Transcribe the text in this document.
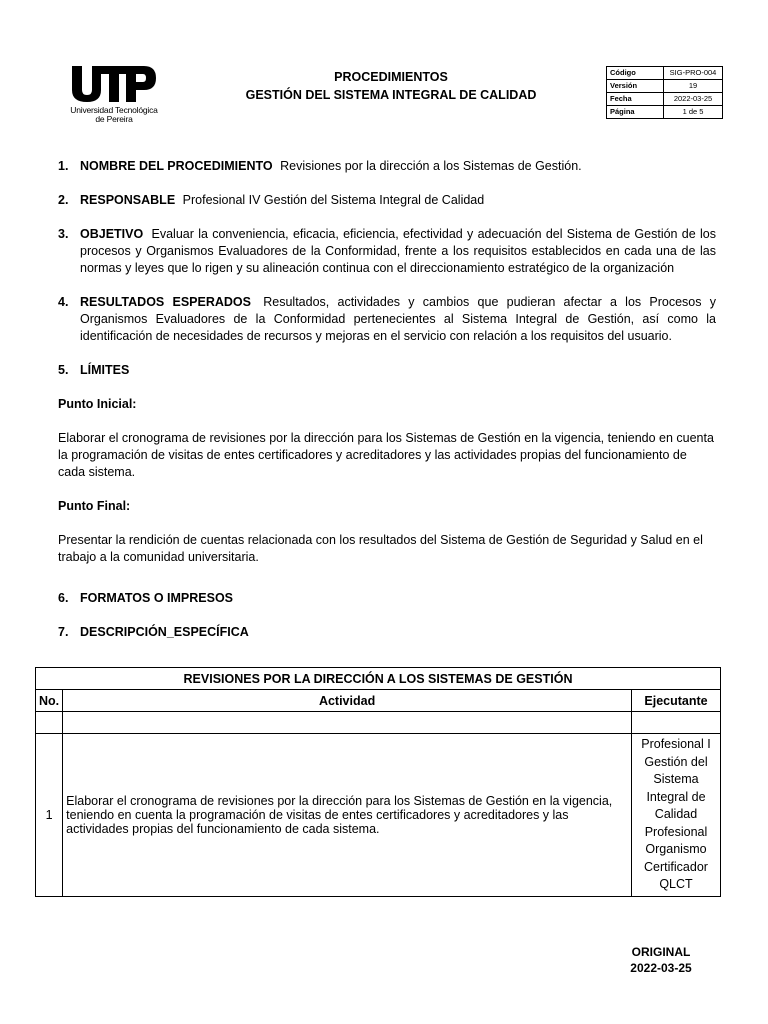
Universidad Tecnológica
de Pereira
PROCEDIMIENTOS
GESTIÓN DEL SISTEMA INTEGRAL DE CALIDAD
Código	SIG-PRO-004
Versión	19
Fecha	2022-03-25
Página	1 de 5
1. NOMBRE DEL PROCEDIMIENTO Revisiones por la dirección a los Sistemas de Gestión.
2. RESPONSABLE Profesional IV Gestión del Sistema Integral de Calidad
3. OBJETIVO Evaluar la conveniencia, eficacia, eficiencia, efectividad y adecuación del Sistema de Gestión de los procesos y Organismos Evaluadores de la Conformidad, frente a los requisitos establecidos en cada una de las normas y leyes que lo rigen y su alineación continua con el direccionamiento estratégico de la organización
4. RESULTADOS ESPERADOS Resultados, actividades y cambios que pudieran afectar a los Procesos y Organismos Evaluadores de la Conformidad pertenecientes al Sistema Integral de Gestión, así como la identificación de necesidades de recursos y mejoras en el servicio con relación a los requisitos del usuario.
5. LÍMITES
Punto Inicial:
Elaborar el cronograma de revisiones por la dirección para los Sistemas de Gestión en la vigencia, teniendo en cuenta la programación de visitas de entes certificadores y acreditadores y las actividades propias del funcionamiento de cada sistema.
Punto Final:
Presentar la rendición de cuentas relacionada con los resultados del Sistema de Gestión de Seguridad y Salud en el trabajo a la comunidad universitaria.
6. FORMATOS O IMPRESOS
7. DESCRIPCIÓN_ESPECÍFICA
REVISIONES POR LA DIRECCIÓN A LOS SISTEMAS DE GESTIÓN		
No.	Actividad	Ejecutante

1	Elaborar el cronograma de revisiones por la dirección para los Sistemas de Gestión en la vigencia, teniendo en cuenta la programación de visitas de entes certificadores y acreditadores y las actividades propias del funcionamiento de cada sistema.	Profesional I Gestión del Sistema Integral de Calidad Profesional Organismo Certificador QLCT
ORIGINAL
2022-03-25
